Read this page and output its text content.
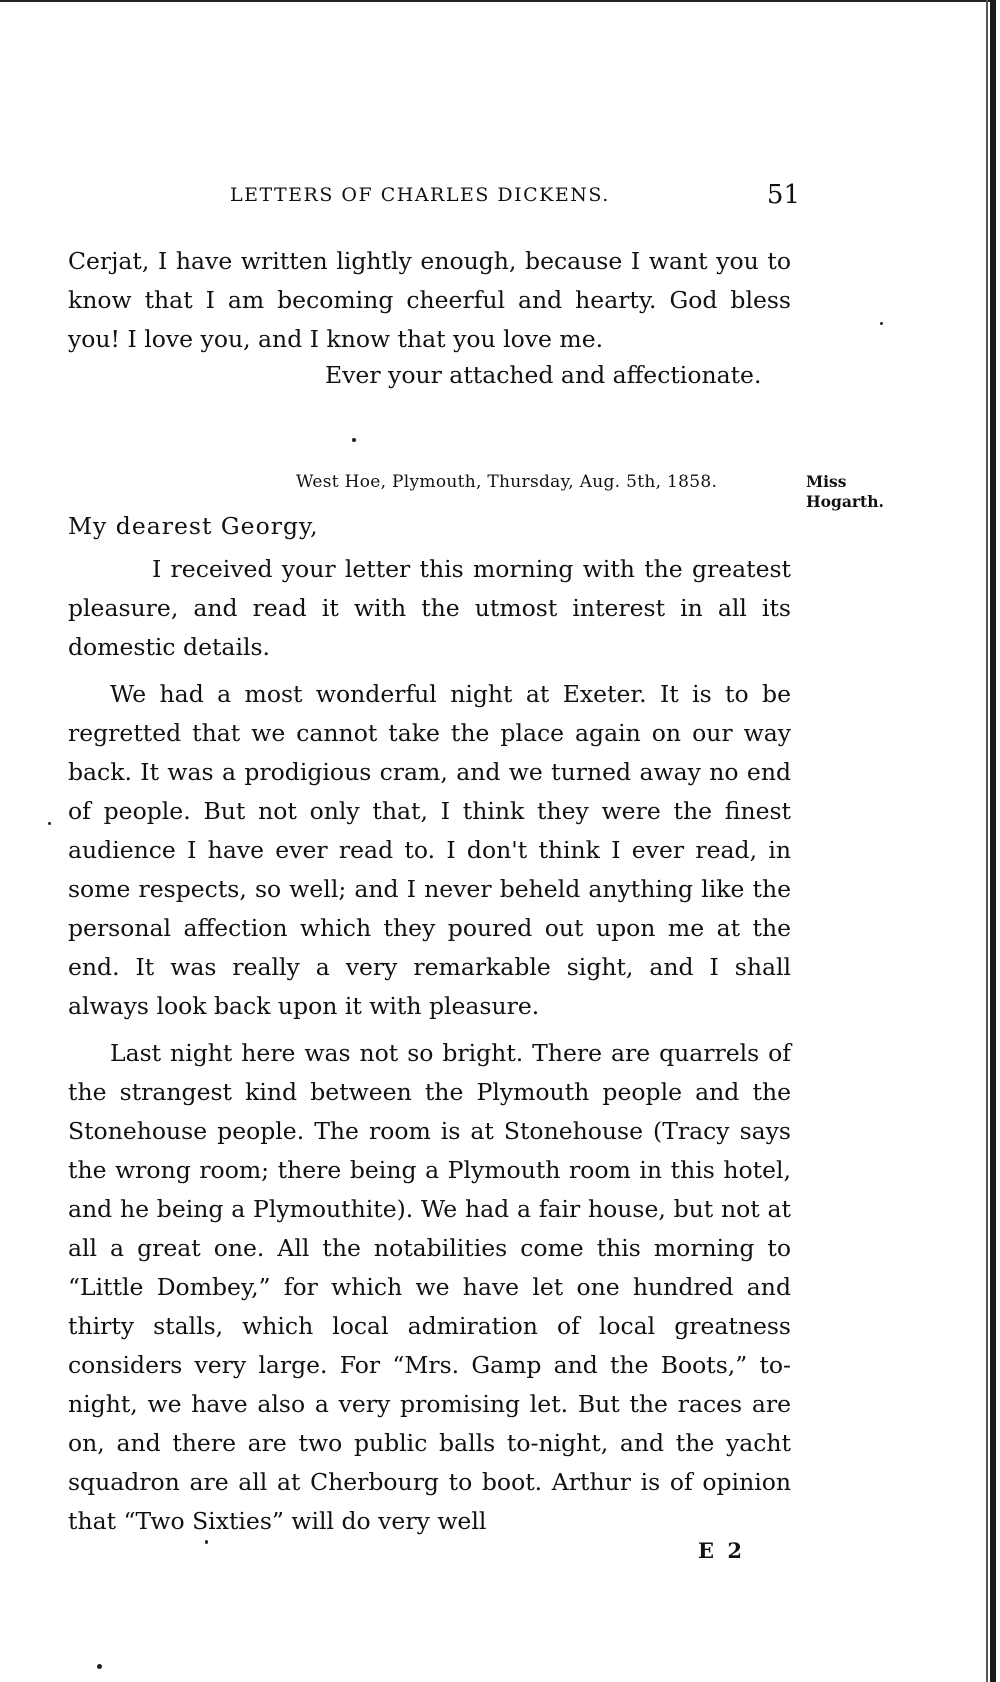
LETTERS OF CHARLES DICKENS.	51

Cerjat, I have written lightly enough, because I want you to know that I am becoming cheerful and hearty. God bless you! I love you, and I know that you love me.

Ever your attached and affectionate.
West Hoe, Plymouth, Thursday, Aug. 5th, 1858.	Miss Hogarth.
My dearest Georgy,

I received your letter this morning with the greatest pleasure, and read it with the utmost interest in all its domestic details.

We had a most wonderful night at Exeter. It is to be regretted that we cannot take the place again on our way back. It was a prodigious cram, and we turned away no end of people. But not only that, I think they were the finest audience I have ever read to. I don't think I ever read, in some respects, so well; and I never beheld anything like the personal affection which they poured out upon me at the end. It was really a very remarkable sight, and I shall always look back upon it with pleasure.

Last night here was not so bright. There are quarrels of the strangest kind between the Plymouth people and the Stonehouse people. The room is at Stonehouse (Tracy says the wrong room; there being a Plymouth room in this hotel, and he being a Plymouthite). We had a fair house, but not at all a great one. All the notabilities come this morning to “Little Dombey,” for which we have let one hundred and thirty stalls, which local admiration of local greatness considers very large. For “Mrs. Gamp and the Boots,” to-night, we have also a very promising let. But the races are on, and there are two public balls to-night, and the yacht squadron are all at Cherbourg to boot. Arthur is of opinion that “Two Sixties” will do very well

E 2
